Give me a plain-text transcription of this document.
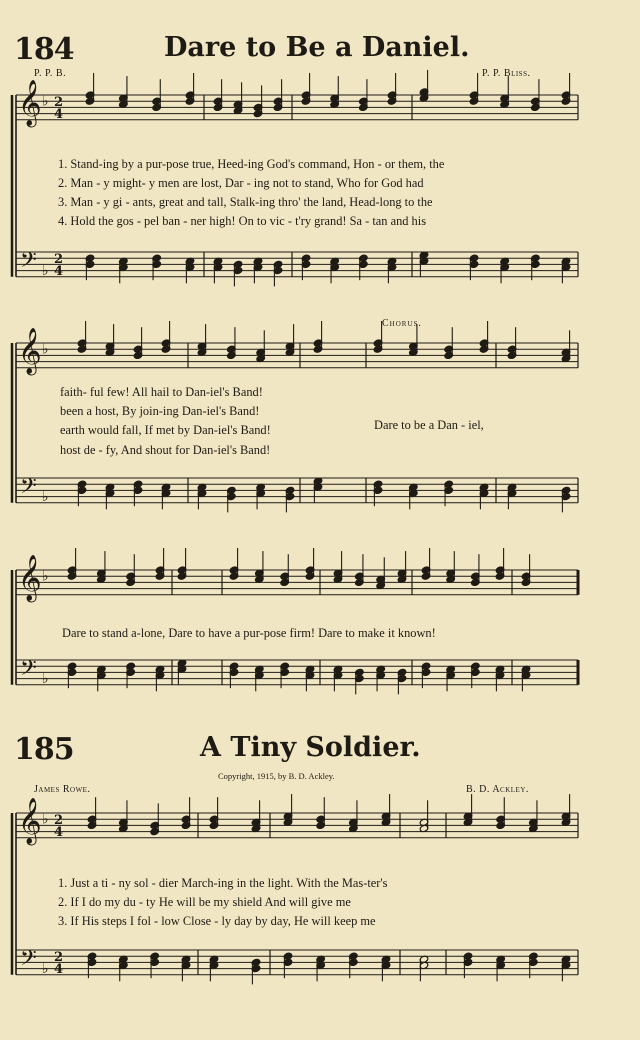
𝄞
𝄢
♭
♭
2
4
2
4
♭
♭
𝄞
𝄢
♭
♭
𝄞
𝄢
𝄞
𝄢
♭
♭
2
4
2
4
184	Dare to Be a Daniel.
P. P. B.	P. P. Bliss.
1. Stand-ing by a pur-pose true, Heed-ing God's command, Hon - or them, the
2. Man - y might- y men are lost, Dar - ing not to stand, Who for God had
3. Man - y gi - ants, great and tall, Stalk-ing thro' the land, Head-long to the
4. Hold the gos - pel ban - ner high! On to vic - t'ry grand! Sa - tan and his
Chorus.
faith- ful few! All hail to Dan-iel's Band!
been a host, By join-ing Dan-iel's Band!
earth would fall, If met by Dan-iel's Band!
host de - fy, And shout for Dan-iel's Band!
Dare to be a Dan - iel,
Dare to stand a-lone, Dare to have a pur-pose firm! Dare to make it known!
185	A Tiny Soldier.
Copyright, 1915, by B. D. Ackley.
James Rowe.	B. D. Ackley.
1. Just a ti - ny sol - dier March-ing in the light. With the Mas-ter's
2. If I do my du - ty He will be my shield And will give me
3. If His steps I fol - low Close - ly day by day, He will keep me
